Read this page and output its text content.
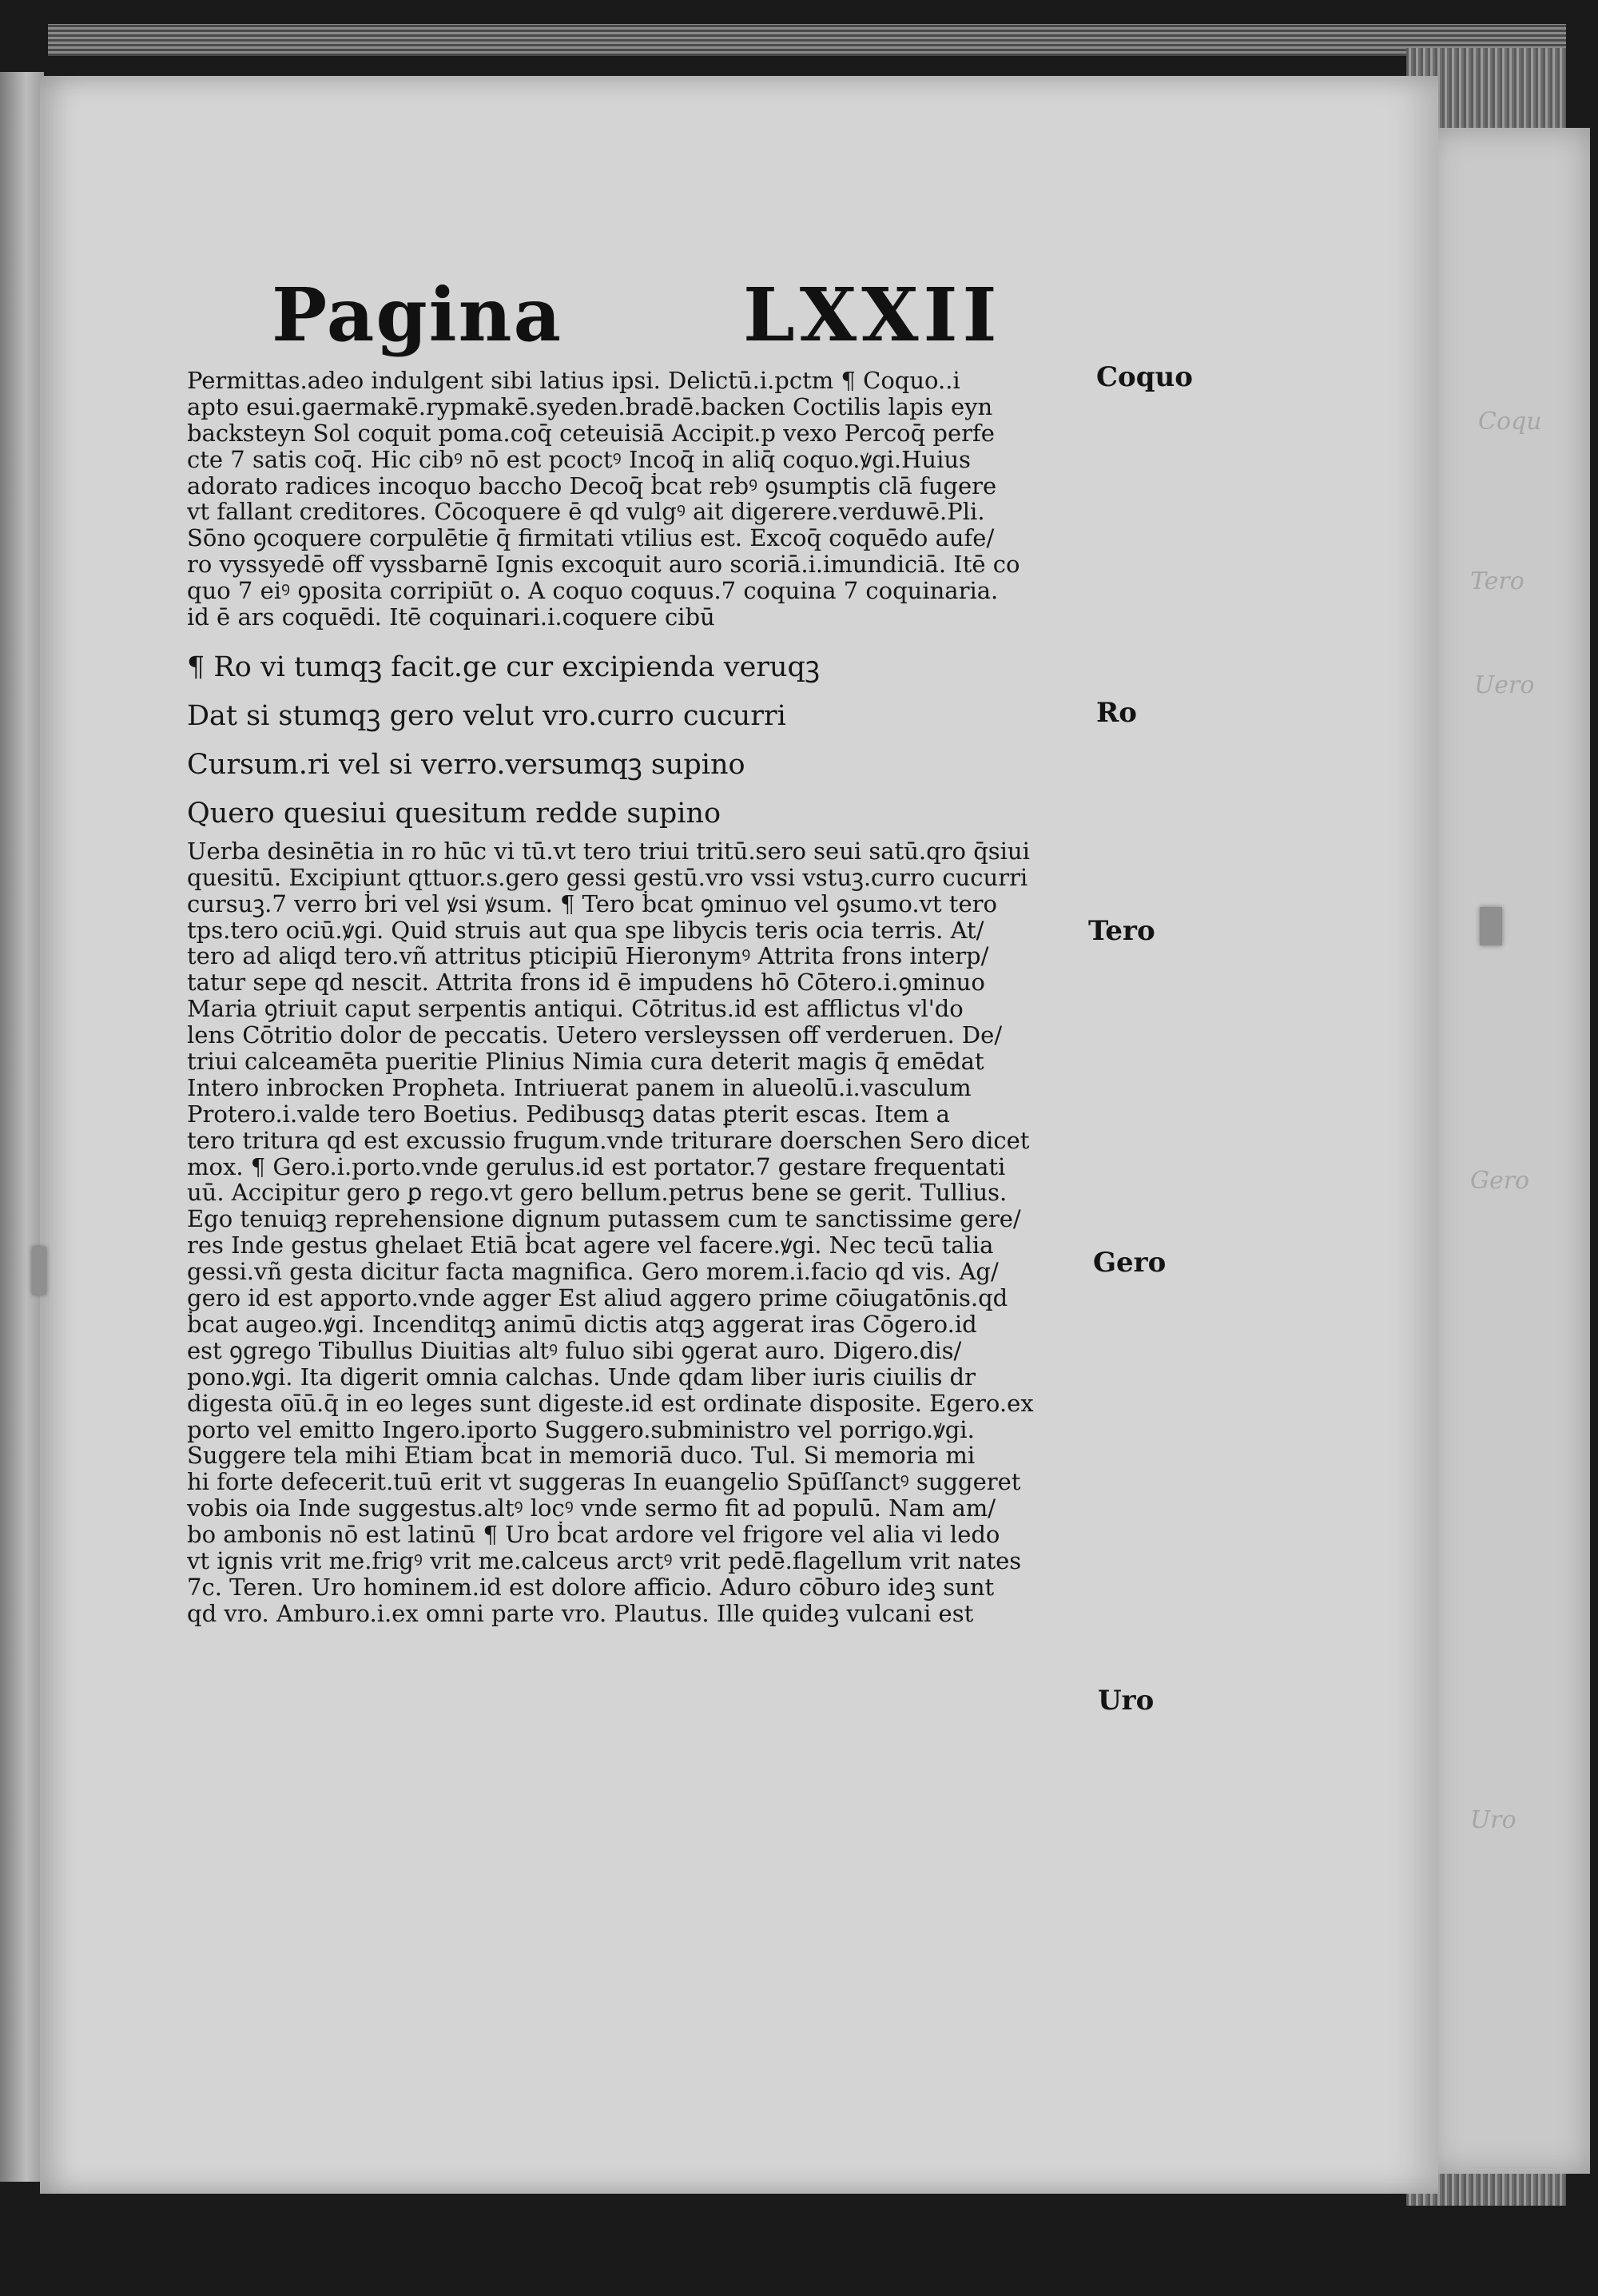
Coqu
Tero
Uero
Gero
Uro
Pagina LXXII
Permittas.adeo indulgent sibi latius ipsi. Delictū.i.pctm ¶ Coquo..i
apto esui.gaermakē.rypmakē.syeden.bradē.backen Coctilis lapis eyn
backsteyn Sol coquit poma.coq̄ ceteuisiā Accipit.p vexo Percoq̄ perfe
cte 7 satis coq̄. Hic cibꝰ nō est pcoctꝰ Incoq̄ in aliq̄ coquo.ꝟgi.Huius
adorato radices incoquo baccho Decoq̄ ḃcat rebꝰ ꝯsumptis clā fugere
vt fallant creditores. Cōcoquere ē qd vulgꝰ ait digerere.verduwē.Pli.
Sōno ꝯcoquere corpulētie q̄ firmitati vtilius est. Excoq̄ coquēdo aufe/
ro vyssyedē off vyssbarnē Ignis excoquit auro scoriā.i.imundiciā. Itē co
quo 7 eiꝰ ꝯposita corripiūt o. A coquo coquus.7 coquina 7 coquinaria.
id ē ars coquēdi. Itē coquinari.i.coquere cibū
¶ Ro vi tumqꝫ facit.ge cur excipienda veruqꝫ
Dat si stumqꝫ gero velut vro.curro cucurri
Cursum.ri vel si verro.versumqꝫ supino
Quero quesiui quesitum redde supino
Uerba desinētia in ro hūc vi tū.vt tero triui tritū.sero seui satū.qro q̄siui
quesitū. Excipiunt qttuor.s.gero gessi gestū.vro vssi vstuꝫ.curro cucurri
cursuꝫ.7 verro ḃri vel ꝟsi ꝟsum. ¶ Tero ḃcat ꝯminuo vel ꝯsumo.vt tero
tps.tero ociū.ꝟgi. Quid struis aut qua spe libycis teris ocia terris. At/
tero ad aliqd tero.vñ attritus pticipiū Hieronymꝰ Attrita frons interp/
tatur sepe qd nescit. Attrita frons id ē impudens hō Cōtero.i.ꝯminuo
Maria ꝯtriuit caput serpentis antiqui. Cōtritus.id est afflictus vl'do
lens Cōtritio dolor de peccatis. Uetero versleyssen off verderuen. De/
triui calceamēta pueritie Plinius Nimia cura deterit magis q̄ emēdat
Intero inbrocken Propheta. Intriuerat panem in alueolū.i.vasculum
Protero.i.valde tero Boetius. Pedibusqꝫ datas ꝑterit escas. Item a
tero tritura qd est excussio frugum.vnde triturare doerschen Sero dicet
mox. ¶ Gero.i.porto.vnde gerulus.id est portator.7 gestare frequentati
uū. Accipitur gero ꝑ rego.vt gero bellum.petrus bene se gerit. Tullius.
Ego tenuiqꝫ reprehensione dignum putassem cum te sanctissime gere/
res Inde gestus ghelaet Etiā ḃcat agere vel facere.ꝟgi. Nec tecū talia
gessi.vñ gesta dicitur facta magnifica. Gero morem.i.facio qd vis. Ag/
gero id est apporto.vnde agger Est aliud aggero prime cōiugatōnis.qd
ḃcat augeo.ꝟgi. Incenditqꝫ animū dictis atqꝫ aggerat iras Cōgero.id
est ꝯgrego Tibullus Diuitias altꝰ fuluo sibi ꝯgerat auro. Digero.dis/
pono.ꝟgi. Ita digerit omnia calchas. Unde qdam liber iuris ciuilis dr
digesta oīū.q̄ in eo leges sunt digeste.id est ordinate disposite. Egero.ex
porto vel emitto Ingero.iporto Suggero.subministro vel porrigo.ꝟgi.
Suggere tela mihi Etiam ḃcat in memoriā duco. Tul. Si memoria mi
hi forte defecerit.tuū erit vt suggeras In euangelio Spūſſanctꝰ suggeret
vobis oia Inde suggestus.altꝰ locꝰ vnde sermo fit ad populū. Nam am/
bo ambonis nō est latinū ¶ Uro ḃcat ardore vel frigore vel alia vi ledo
vt ignis vrit me.frigꝰ vrit me.calceus arctꝰ vrit pedē.flagellum vrit nates
7c. Teren. Uro hominem.id est dolore afficio. Aduro cōburo ideꝫ sunt
qd vro. Amburo.i.ex omni parte vro. Plautus. Ille quideꝫ vulcani est
Coquo
Ro
Tero
Gero
Uro
